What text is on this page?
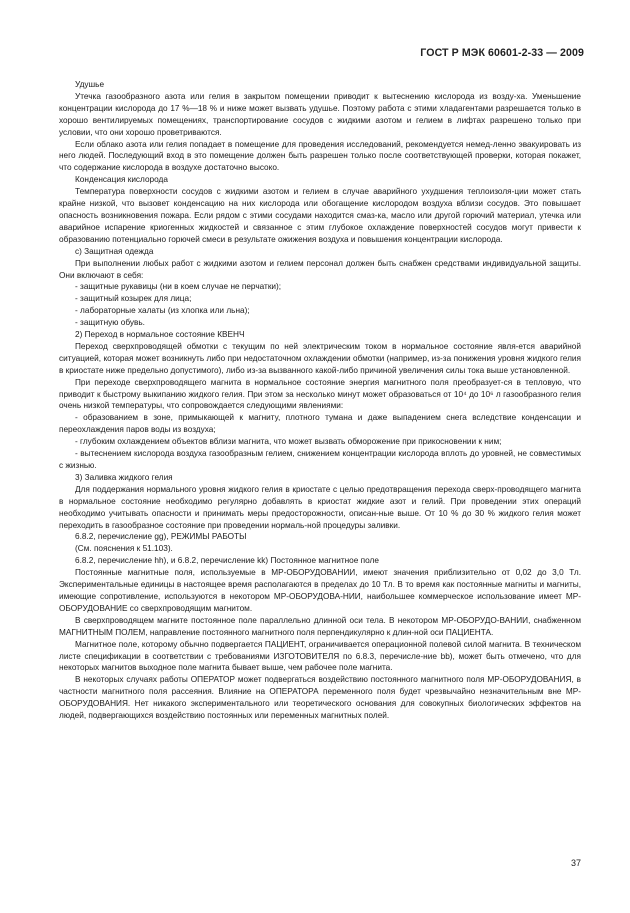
ГОСТ Р МЭК 60601-2-33 — 2009

Удушье

Утечка газообразного азота или гелия в закрытом помещении приводит к вытеснению кислорода из возду-ха. Уменьшение концентрации кислорода до 17 %—18 % и ниже может вызвать удушье. Поэтому работа с этими хладагентами разрешается только в хорошо вентилируемых помещениях, транспортирование сосудов с жидкими азотом и гелием в лифтах разрешено только при условии, что они хорошо проветриваются.

Если облако азота или гелия попадает в помещение для проведения исследований, рекомендуется немед-ленно эвакуировать из него людей. Последующий вход в это помещение должен быть разрешен только после соответствующей проверки, которая покажет, что содержание кислорода в воздухе достаточно высоко.

Конденсация кислорода

Температура поверхности сосудов с жидкими азотом и гелием в случае аварийного ухудшения теплоизоля-ции может стать крайне низкой, что вызовет конденсацию на них кислорода или обогащение кислородом воздуха вблизи сосудов. Это повышает опасность возникновения пожара. Если рядом с этими сосудами находится смаз-ка, масло или другой горючий материал, утечка или аварийное испарение криогенных жидкостей и связанное с этим глубокое охлаждение поверхностей сосудов могут привести к образованию потенциально горючей смеси в результате ожижения воздуха и повышения концентрации кислорода.

c) Защитная одежда

При выполнении любых работ с жидкими азотом и гелием персонал должен быть снабжен средствами индивидуальной защиты. Они включают в себя:

- защитные рукавицы (ни в коем случае не перчатки);

- защитный козырек для лица;

- лабораторные халаты (из хлопка или льна);

- защитную обувь.

2) Переход в нормальное состояние КВЕНЧ

Переход сверхпроводящей обмотки с текущим по ней электрическим током в нормальное состояние явля-ется аварийной ситуацией, которая может возникнуть либо при недостаточном охлаждении обмотки (например, из-за понижения уровня жидкого гелия в криостате ниже предельно допустимого), либо из-за вызванного какой-либо причиной увеличения силы тока выше установленной.

При переходе сверхпроводящего магнита в нормальное состояние энергия магнитного поля преобразует-ся в тепловую, что приводит к быстрому выкипанию жидкого гелия. При этом за несколько минут может образоваться от 10⁴ до 10⁶ л газообразного гелия очень низкой температуры, что сопровождается следующими явлениями:

- образованием в зоне, примыкающей к магниту, плотного тумана и даже выпадением снега вследствие конденсации и переохлаждения паров воды из воздуха;

- глубоким охлаждением объектов вблизи магнита, что может вызвать обморожение при прикосновении к ним;

- вытеснением кислорода воздуха газообразным гелием, снижением концентрации кислорода вплоть до уровней, не совместимых с жизнью.

3) Заливка жидкого гелия

Для поддержания нормального уровня жидкого гелия в криостате с целью предотвращения перехода сверх-проводящего магнита в нормальное состояние необходимо регулярно добавлять в криостат жидкие азот и гелий. При проведении этих операций необходимо учитывать опасности и принимать меры предосторожности, описан-ные выше. От 10 % до 30 % жидкого гелия может переходить в газообразное состояние при проведении нормаль-ной процедуры заливки.

6.8.2, перечисление gg), РЕЖИМЫ РАБОТЫ

(См. пояснения к 51.103).

6.8.2, перечисление hh), и 6.8.2, перечисление kk) Постоянное магнитное поле

Постоянные магнитные поля, используемые в МР-ОБОРУДОВАНИИ, имеют значения приблизительно от 0,02 до 3,0 Тл. Экспериментальные единицы в настоящее время располагаются в пределах до 10 Тл. В то время как постоянные магниты и магниты, имеющие сопротивление, используются в некотором МР-ОБОРУДОВА-НИИ, наибольшее коммерческое использование имеет МР-ОБОРУДОВАНИЕ со сверхпроводящим магнитом.

В сверхпроводящем магните постоянное поле параллельно длинной оси тела. В некотором МР-ОБОРУДО-ВАНИИ, снабженном МАГНИТНЫМ ПОЛЕМ, направление постоянного магнитного поля перпендикулярно к длин-ной оси ПАЦИЕНТА.

Магнитное поле, которому обычно подвергается ПАЦИЕНТ, ограничивается операционной полевой силой магнита. В техническом листе спецификации в соответствии с требованиями ИЗГОТОВИТЕЛЯ по 6.8.3, перечисле-ние bb), может быть отмечено, что для некоторых магнитов выходное поле магнита бывает выше, чем рабочее поле магнита.

В некоторых случаях работы ОПЕРАТОР может подвергаться воздействию постоянного магнитного поля МР-ОБОРУДОВАНИЯ, в частности магнитного поля рассеяния. Влияние на ОПЕРАТОРА переменного поля будет чрезвычайно незначительным вне МР-ОБОРУДОВАНИЯ. Нет никакого экспериментального или теоретического основания для совокупных биологических эффектов на людей, подвергающихся воздействию постоянных или переменных магнитных полей.

37
